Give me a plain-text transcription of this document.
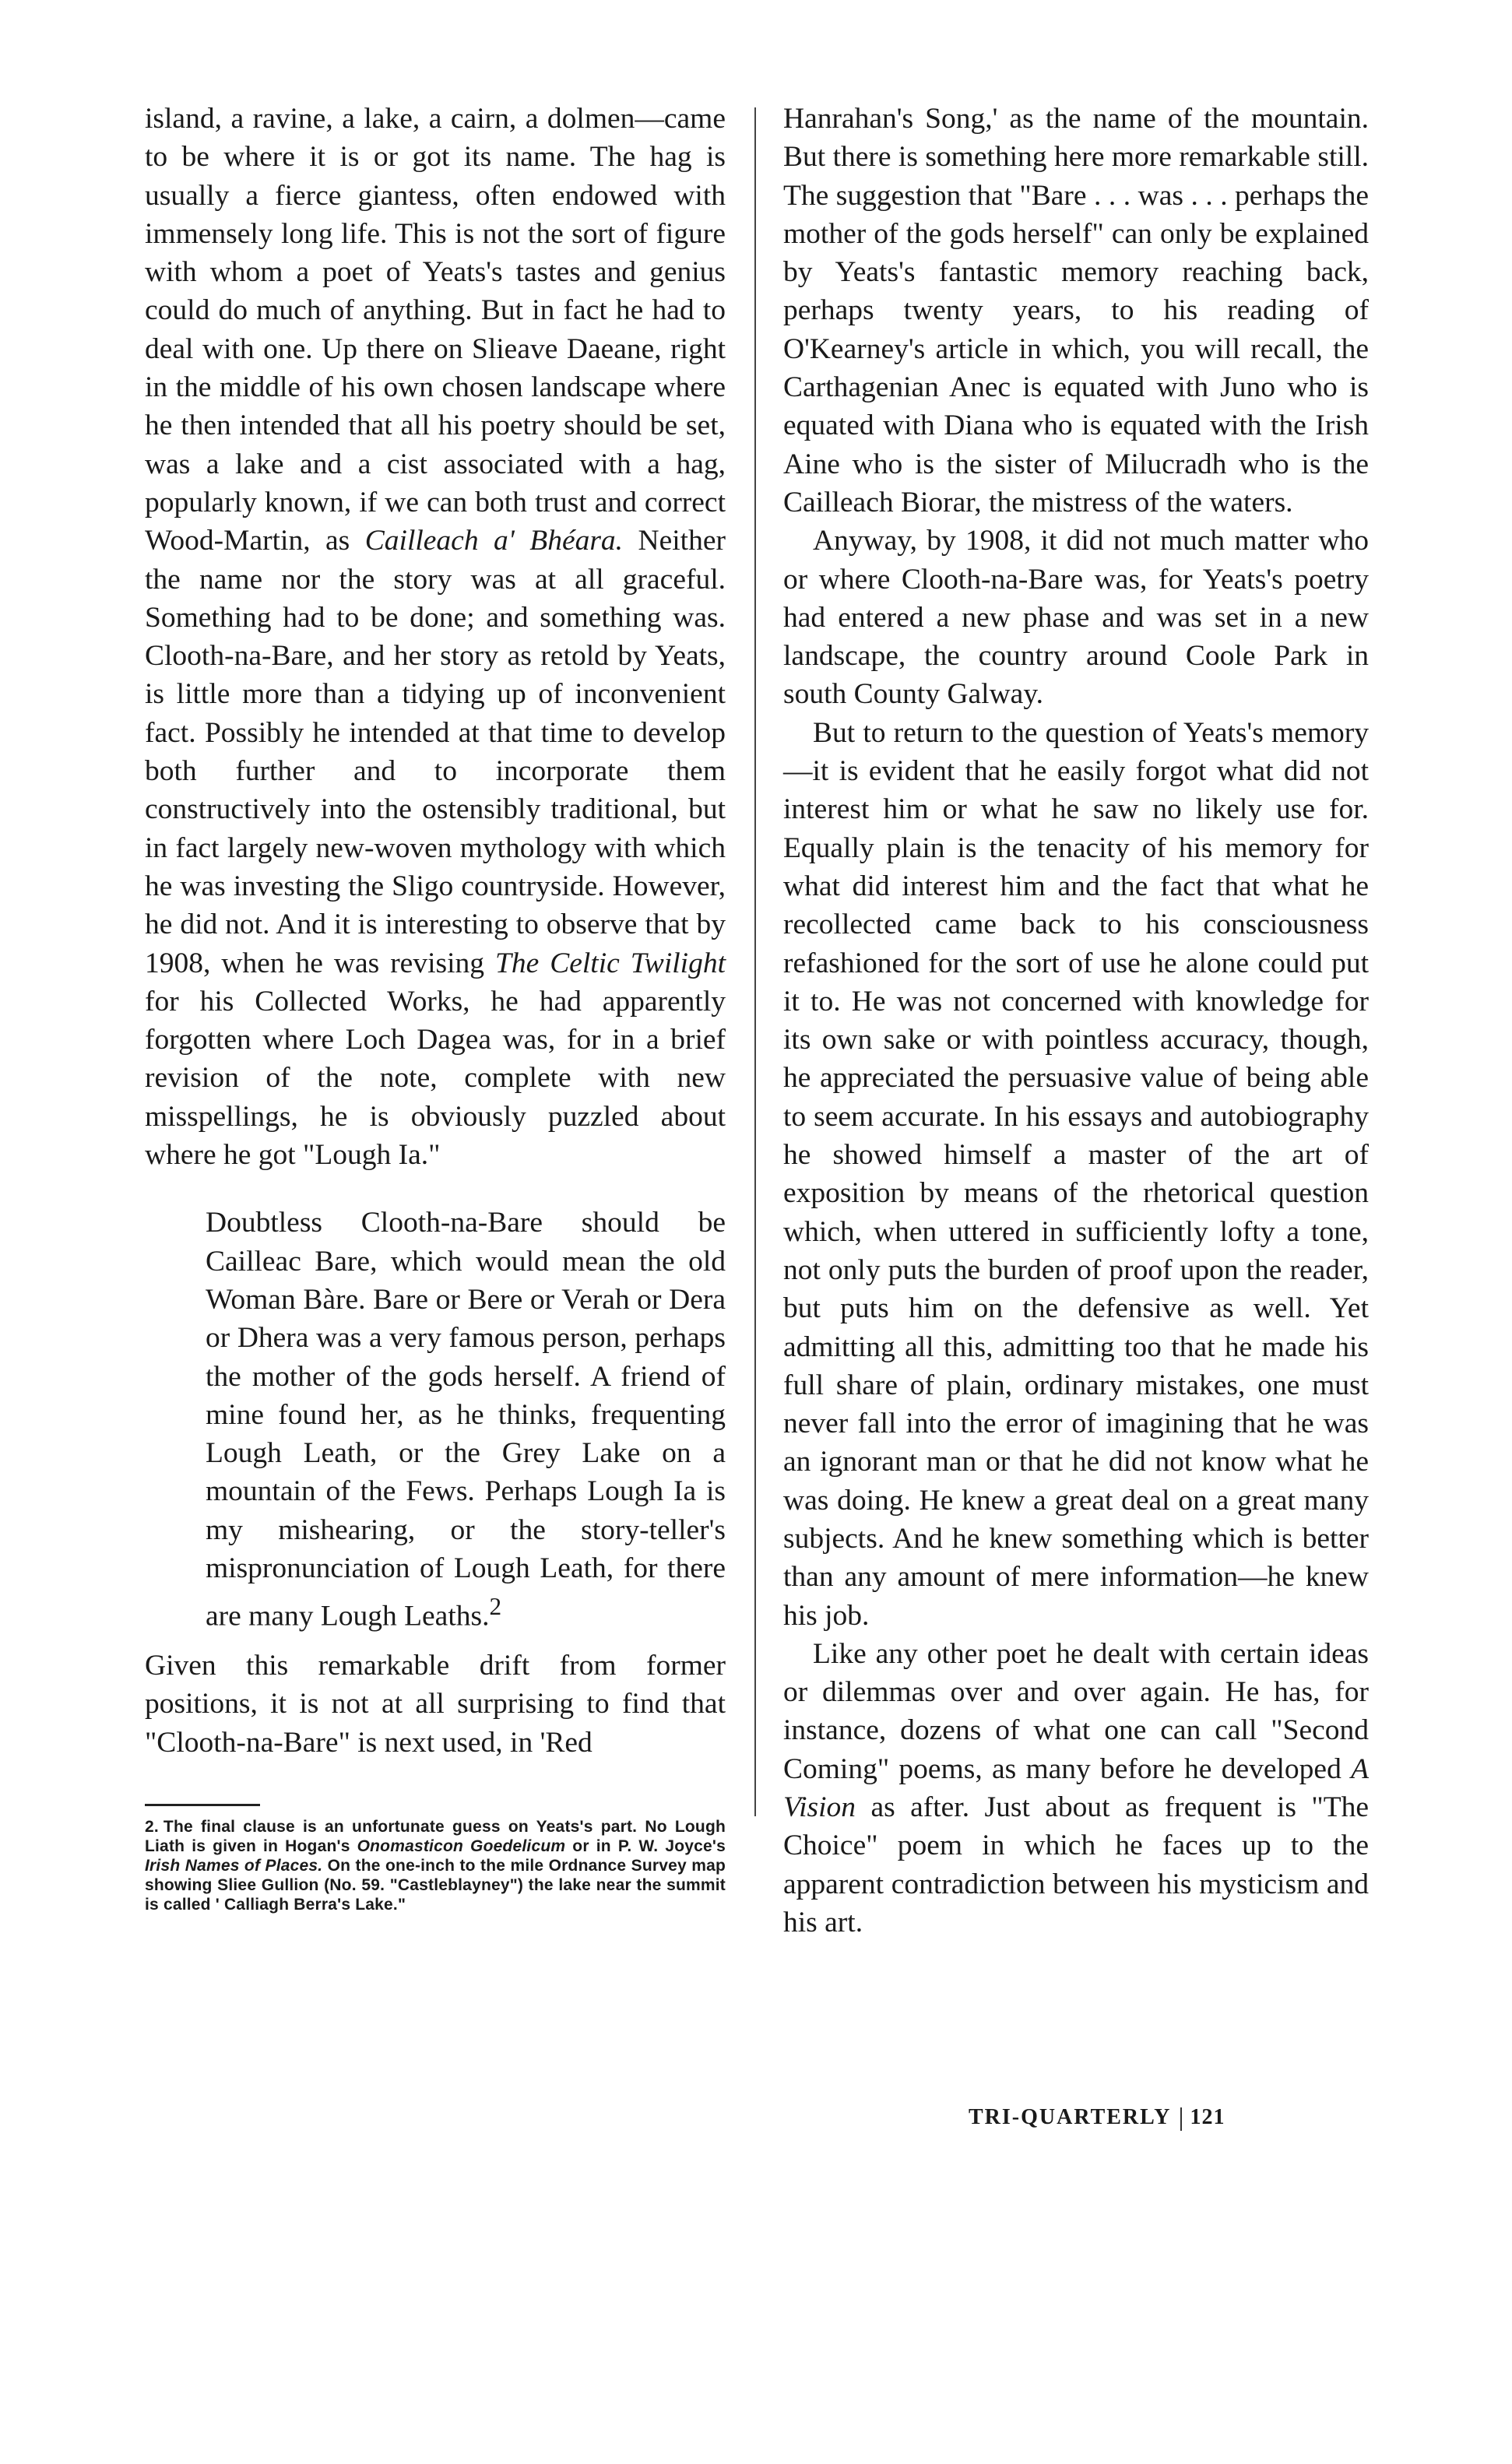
island, a ravine, a lake, a cairn, a dolmen—came to be where it is or got its name. The hag is usually a fierce giantess, often endowed with immensely long life. This is not the sort of figure with whom a poet of Yeats's tastes and genius could do much of anything. But in fact he had to deal with one. Up there on Slieave Daeane, right in the middle of his own chosen landscape where he then intended that all his poetry should be set, was a lake and a cist associated with a hag, popularly known, if we can both trust and correct Wood-Martin, as Cailleach a' Bhéara. Neither the name nor the story was at all graceful. Something had to be done; and something was. Clooth-na-Bare, and her story as retold by Yeats, is little more than a tidying up of inconvenient fact. Possibly he intended at that time to develop both further and to incorporate them constructively into the ostensibly traditional, but in fact largely new-woven mythology with which he was investing the Sligo countryside. However, he did not. And it is interesting to observe that by 1908, when he was revising The Celtic Twilight for his Collected Works, he had apparently forgotten where Loch Dagea was, for in a brief revision of the note, complete with new misspellings, he is obviously puzzled about where he got "Lough Ia."

Doubtless Clooth-na-Bare should be Cailleac Bare, which would mean the old Woman Bàre. Bare or Bere or Verah or Dera or Dhera was a very famous person, perhaps the mother of the gods herself. A friend of mine found her, as he thinks, frequenting Lough Leath, or the Grey Lake on a mountain of the Fews. Perhaps Lough Ia is my mishearing, or the story-teller's mispronunciation of Lough Leath, for there are many Lough Leaths.$^2$

Given this remarkable drift from former positions, it is not at all surprising to find that "Clooth-na-Bare" is next used, in 'Red

2. The final clause is an unfortunate guess on Yeats's part. No Lough Liath is given in Hogan's Onomasticon Goedelicum or in P. W. Joyce's Irish Names of Places. On the one-inch to the mile Ordnance Survey map showing Sliee Gullion (No. 59. "Castleblayney") the lake near the summit is called ' Calliagh Berra's Lake."

Hanrahan's Song,' as the name of the mountain. But there is something here more remarkable still. The suggestion that "Bare . . . was . . . perhaps the mother of the gods herself" can only be explained by Yeats's fantastic memory reaching back, perhaps twenty years, to his reading of O'Kearney's article in which, you will recall, the Carthagenian Anec is equated with Juno who is equated with Diana who is equated with the Irish Aine who is the sister of Milucradh who is the Cailleach Biorar, the mistress of the waters.

Anyway, by 1908, it did not much matter who or where Clooth-na-Bare was, for Yeats's poetry had entered a new phase and was set in a new landscape, the country around Coole Park in south County Galway.

But to return to the question of Yeats's memory—it is evident that he easily forgot what did not interest him or what he saw no likely use for. Equally plain is the tenacity of his memory for what did interest him and the fact that what he recollected came back to his consciousness refashioned for the sort of use he alone could put it to. He was not concerned with knowledge for its own sake or with pointless accuracy, though, he appreciated the persuasive value of being able to seem accurate. In his essays and autobiography he showed himself a master of the art of exposition by means of the rhetorical question which, when uttered in sufficiently lofty a tone, not only puts the burden of proof upon the reader, but puts him on the defensive as well. Yet admitting all this, admitting too that he made his full share of plain, ordinary mistakes, one must never fall into the error of imagining that he was an ignorant man or that he did not know what he was doing. He knew a great deal on a great many subjects. And he knew something which is better than any amount of mere information—he knew his job.

Like any other poet he dealt with certain ideas or dilemmas over and over again. He has, for instance, dozens of what one can call "Second Coming" poems, as many before he developed A Vision as after. Just about as frequent is "The Choice" poem in which he faces up to the apparent contradiction between his mysticism and his art.

TRI-QUARTERLY 121
